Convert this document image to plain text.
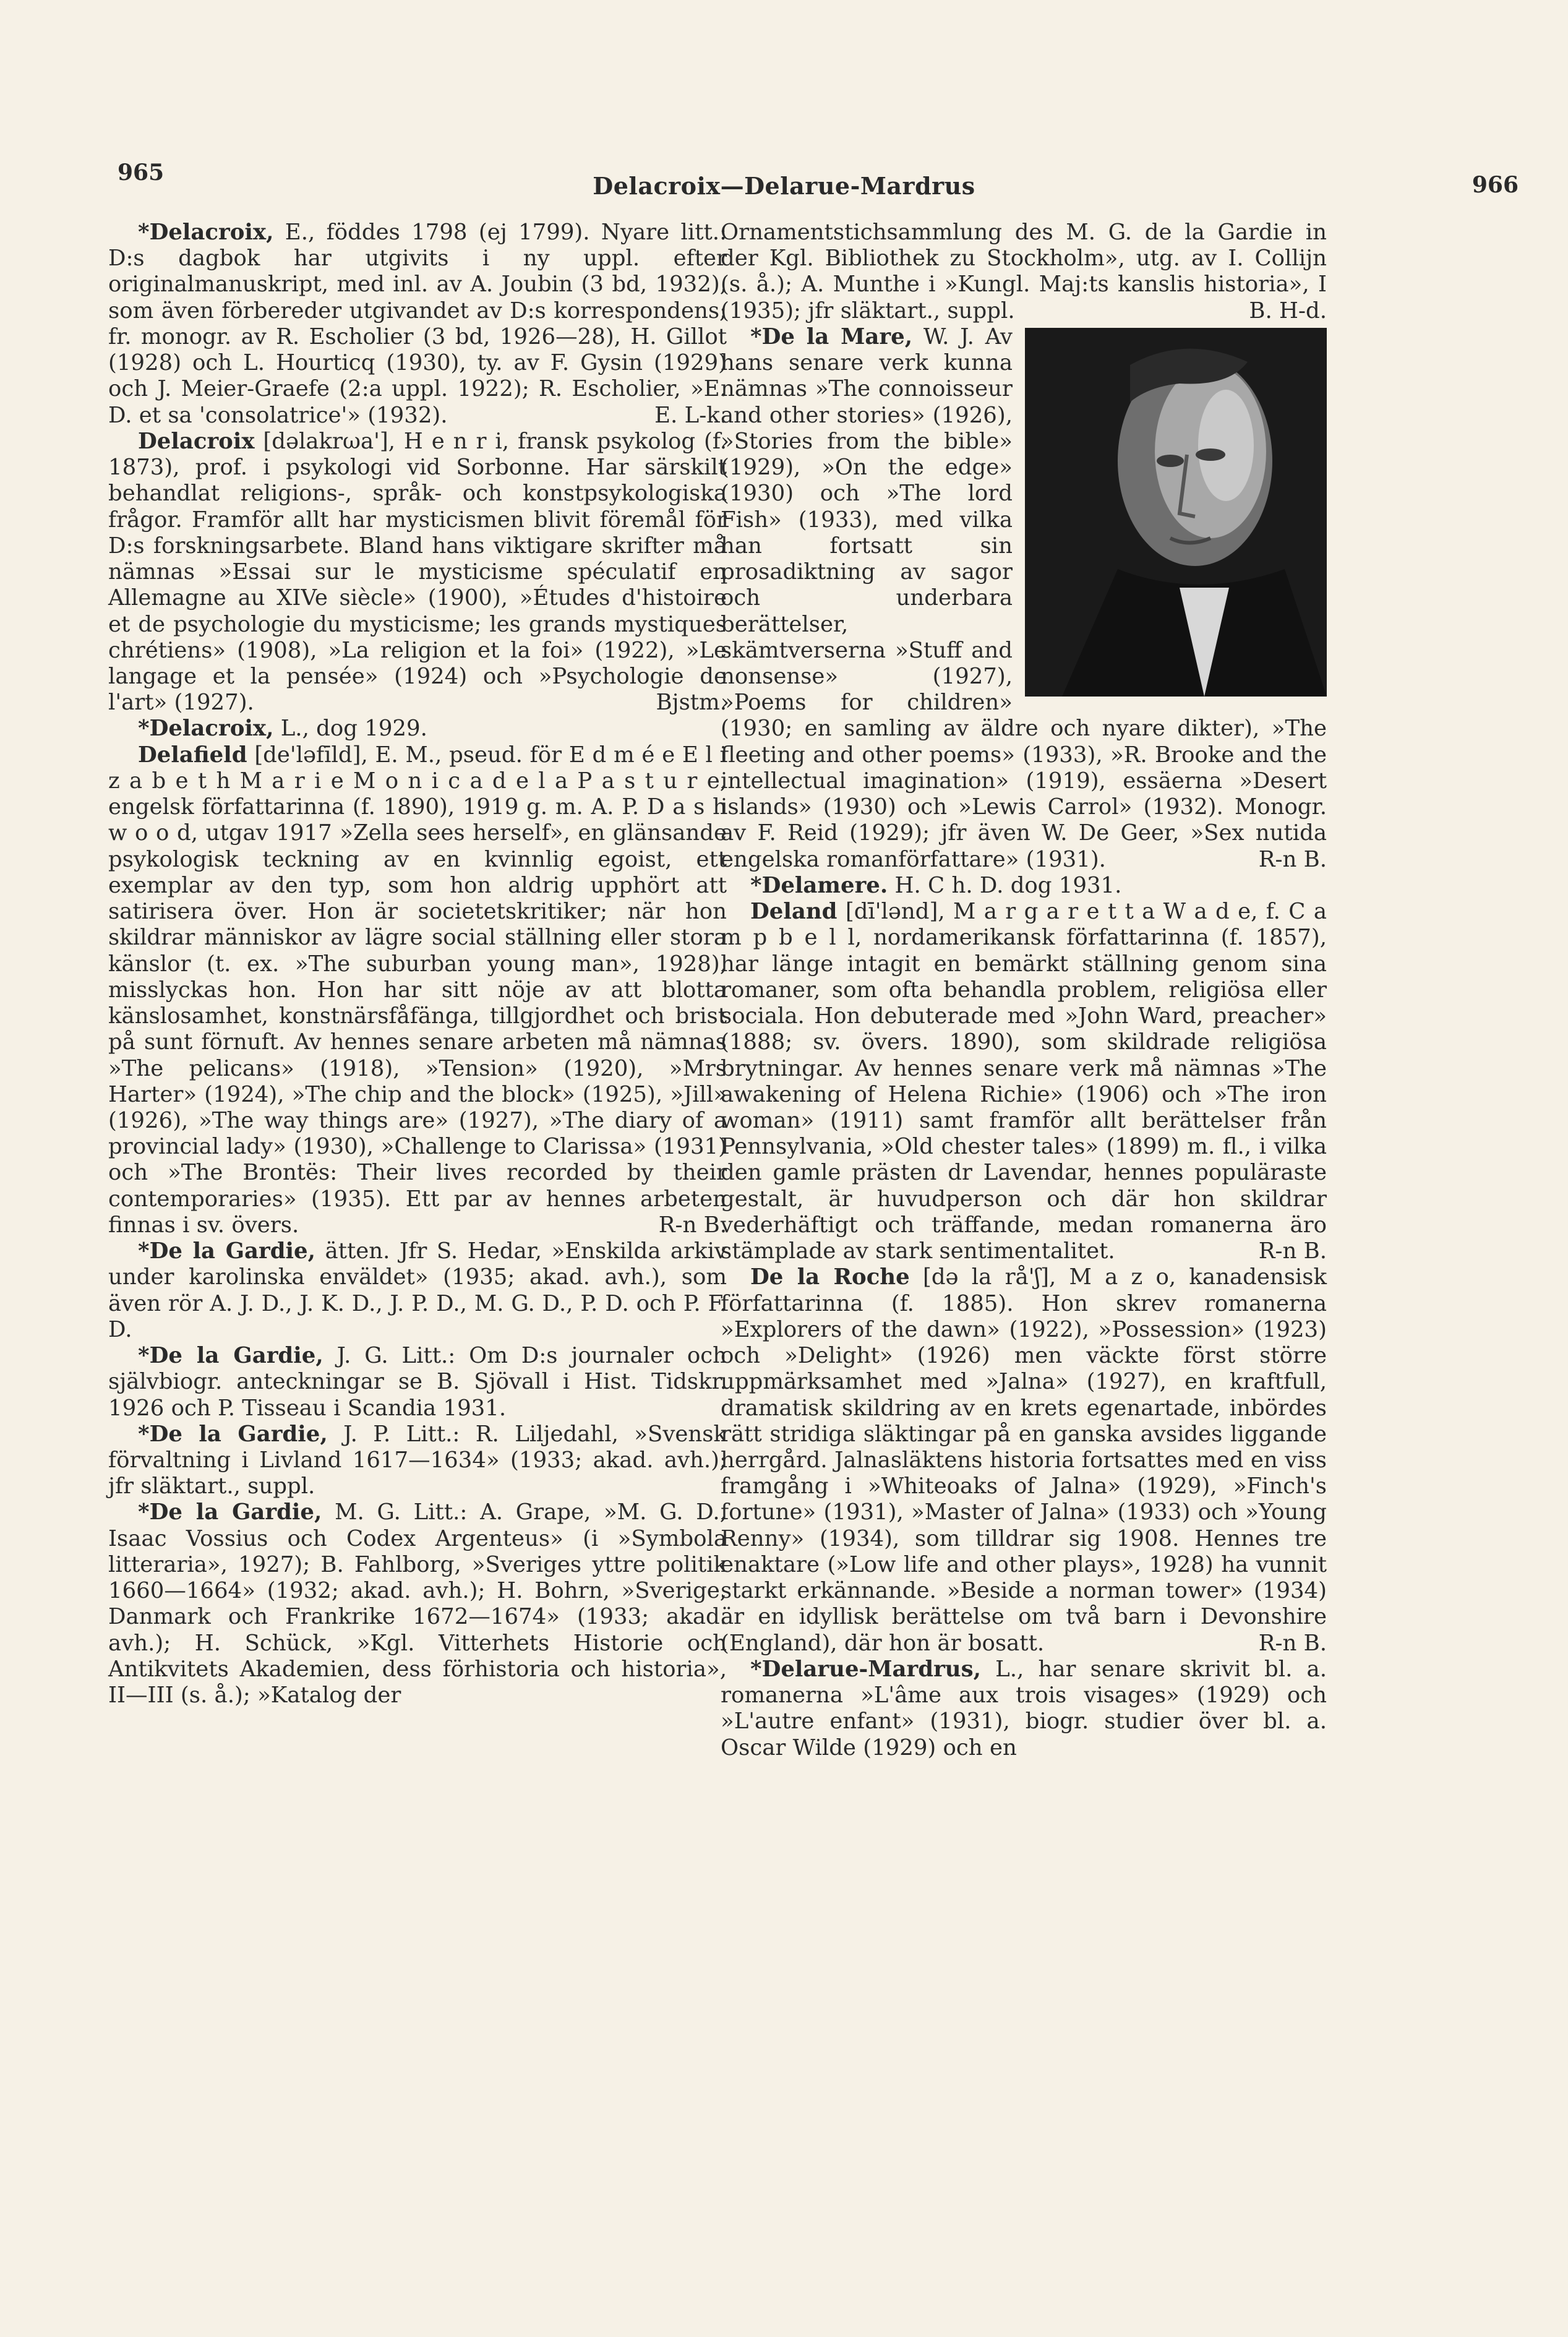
965	Delacroix—Delarue-Mardrus	966

*Delacroix, E., föddes 1798 (ej 1799). Nyare litt.: D:s dagbok har utgivits i ny uppl. efter originalmanuskript, med inl. av A. Joubin (3 bd, 1932), som även förbereder utgivandet av D:s korrespondens; fr. monogr. av R. Escholier (3 bd, 1926—28), H. Gillot (1928) och L. Hourticq (1930), ty. av F. Gysin (1929) och J. Meier-Graefe (2:a uppl. 1922); R. Escholier, »E. D. et sa 'consolatrice'» (1932).	E. L-k.

Delacroix [dəlakrωa'], H e n r i, fransk psykolog (f. 1873), prof. i psykologi vid Sorbonne. Har särskilt behandlat religions-, språk- och konstpsykologiska frågor. Framför allt har mysticismen blivit föremål för D:s forskningsarbete. Bland hans viktigare skrifter må nämnas »Essai sur le mysticisme spéculatif en Allemagne au XIVe siècle» (1900), »Études d'histoire et de psychologie du mysticisme; les grands mystiques chrétiens» (1908), »La religion et la foi» (1922), »Le langage et la pensée» (1924) och »Psychologie de l'art» (1927).	Bjstm.

*Delacroix, L., dog 1929.

Delafield [de'ləfīld], E. M., pseud. för E d m é e E l i z a b e t h M a r i e M o n i c a d e l a P a s t u r e, engelsk författarinna (f. 1890), 1919 g. m. A. P. D a s h w o o d, utgav 1917 »Zella sees herself», en glänsande psykologisk teckning av en kvinnlig egoist, ett exemplar av den typ, som hon aldrig upphört att satirisera över. Hon är societetskritiker; när hon skildrar människor av lägre social ställning eller stora känslor (t. ex. »The suburban young man», 1928), misslyckas hon. Hon har sitt nöje av att blotta känslosamhet, konstnärsfåfänga, tillgjordhet och brist på sunt förnuft. Av hennes senare arbeten må nämnas »The pelicans» (1918), »Tension» (1920), »Mrs Harter» (1924), »The chip and the block» (1925), »Jill» (1926), »The way things are» (1927), »The diary of a provincial lady» (1930), »Challenge to Clarissa» (1931) och »The Brontës: Their lives recorded by their contemporaries» (1935). Ett par av hennes arbeten finnas i sv. övers.	R-n B.

*De la Gardie, ätten. Jfr S. Hedar, »Enskilda arkiv under karolinska enväldet» (1935; akad. avh.), som även rör A. J. D., J. K. D., J. P. D., M. G. D., P. D. och P. F. D.

*De la Gardie, J. G. Litt.: Om D:s journaler och självbiogr. anteckningar se B. Sjövall i Hist. Tidskr. 1926 och P. Tisseau i Scandia 1931.

*De la Gardie, J. P. Litt.: R. Liljedahl, »Svensk förvaltning i Livland 1617—1634» (1933; akad. avh.); jfr släktart., suppl.

*De la Gardie, M. G. Litt.: A. Grape, »M. G. D., Isaac Vossius och Codex Argenteus» (i »Symbola litteraria», 1927); B. Fahlborg, »Sveriges yttre politik 1660—1664» (1932; akad. avh.); H. Bohrn, »Sverige, Danmark och Frankrike 1672—1674» (1933; akad. avh.); H. Schück, »Kgl. Vitterhets Historie och Antikvitets Akademien, dess förhistoria och historia», II—III (s. å.); »Katalog der

Ornamentstichsammlung des M. G. de la Gardie in der Kgl. Bibliothek zu Stockholm», utg. av I. Collijn (s. å.); A. Munthe i »Kungl. Maj:ts kanslis historia», I (1935); jfr släktart., suppl.	B. H-d.

*De la Mare, W. J. Av hans senare verk kunna nämnas »The connoisseur and other stories» (1926), »Stories from the bible» (1929), »On the edge» (1930) och »The lord Fish» (1933), med vilka han fortsatt sin prosadiktning av sagor och underbara berättelser, skämtverserna »Stuff and nonsense» (1927), »Poems for children» (1930; en samling av äldre och nyare dikter), »The fleeting and other poems» (1933), »R. Brooke and the intellectual imagination» (1919), essäerna »Desert islands» (1930) och »Lewis Carrol» (1932). Monogr. av F. Reid (1929); jfr även W. De Geer, »Sex nutida engelska romanförfattare» (1931).	R-n B.

*Delamere. H. C h. D. dog 1931.

Deland [dī'lənd], M a r g a r e t t a W a d e, f. C a m p b e l l, nordamerikansk författarinna (f. 1857), har länge intagit en bemärkt ställning genom sina romaner, som ofta behandla problem, religiösa eller sociala. Hon debuterade med »John Ward, preacher» (1888; sv. övers. 1890), som skildrade religiösa brytningar. Av hennes senare verk må nämnas »The awakening of Helena Richie» (1906) och »The iron woman» (1911) samt framför allt berättelser från Pennsylvania, »Old chester tales» (1899) m. fl., i vilka den gamle prästen dr Lavendar, hennes populäraste gestalt, är huvudperson och där hon skildrar vederhäftigt och träffande, medan romanerna äro stämplade av stark sentimentalitet.	R-n B.

De la Roche [də la rå'ʃ], M a z o, kanadensisk författarinna (f. 1885). Hon skrev romanerna »Explorers of the dawn» (1922), »Possession» (1923) och »Delight» (1926) men väckte först större uppmärksamhet med »Jalna» (1927), en kraftfull, dramatisk skildring av en krets egenartade, inbördes rätt stridiga släktingar på en ganska avsides liggande herrgård. Jalnasläktens historia fortsattes med en viss framgång i »Whiteoaks of Jalna» (1929), »Finch's fortune» (1931), »Master of Jalna» (1933) och »Young Renny» (1934), som tilldrar sig 1908. Hennes tre enaktare (»Low life and other plays», 1928) ha vunnit starkt erkännande. »Beside a norman tower» (1934) är en idyllisk berättelse om två barn i Devonshire (England), där hon är bosatt.	R-n B.

*Delarue-Mardrus, L., har senare skrivit bl. a. romanerna »L'âme aux trois visages» (1929) och »L'autre enfant» (1931), biogr. studier över bl. a. Oscar Wilde (1929) och en
